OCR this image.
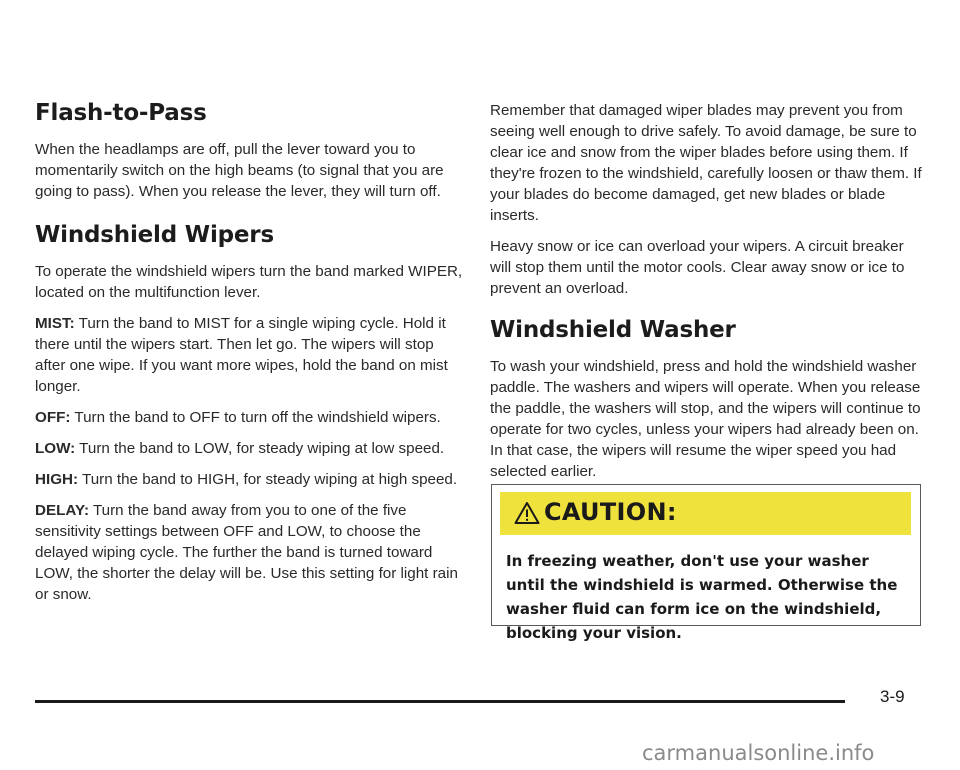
Flash-to-Pass

When the headlamps are off, pull the lever toward you to momentarily switch on the high beams (to signal that you are going to pass). When you release the lever, they will turn off.

Windshield Wipers

To operate the windshield wipers turn the band marked WIPER, located on the multifunction lever.

MIST: Turn the band to MIST for a single wiping cycle. Hold it there until the wipers start. Then let go. The wipers will stop after one wipe. If you want more wipes, hold the band on mist longer.

OFF: Turn the band to OFF to turn off the windshield wipers.

LOW: Turn the band to LOW, for steady wiping at low speed.

HIGH: Turn the band to HIGH, for steady wiping at high speed.

DELAY: Turn the band away from you to one of the five sensitivity settings between OFF and LOW, to choose the delayed wiping cycle. The further the band is turned toward LOW, the shorter the delay will be. Use this setting for light rain or snow.

Remember that damaged wiper blades may prevent you from seeing well enough to drive safely. To avoid damage, be sure to clear ice and snow from the wiper blades before using them. If they're frozen to the windshield, carefully loosen or thaw them. If your blades do become damaged, get new blades or blade inserts.

Heavy snow or ice can overload your wipers. A circuit breaker will stop them until the motor cools. Clear away snow or ice to prevent an overload.

Windshield Washer

To wash your windshield, press and hold the windshield washer paddle. The washers and wipers will operate. When you release the paddle, the washers will stop, and the wipers will continue to operate for two cycles, unless your wipers had already been on. In that case, the wipers will resume the wiper speed you had selected earlier.

CAUTION:
In freezing weather, don't use your washer until the windshield is warmed. Otherwise the washer fluid can form ice on the windshield, blocking your vision.
3-9
carmanualsonline.info
